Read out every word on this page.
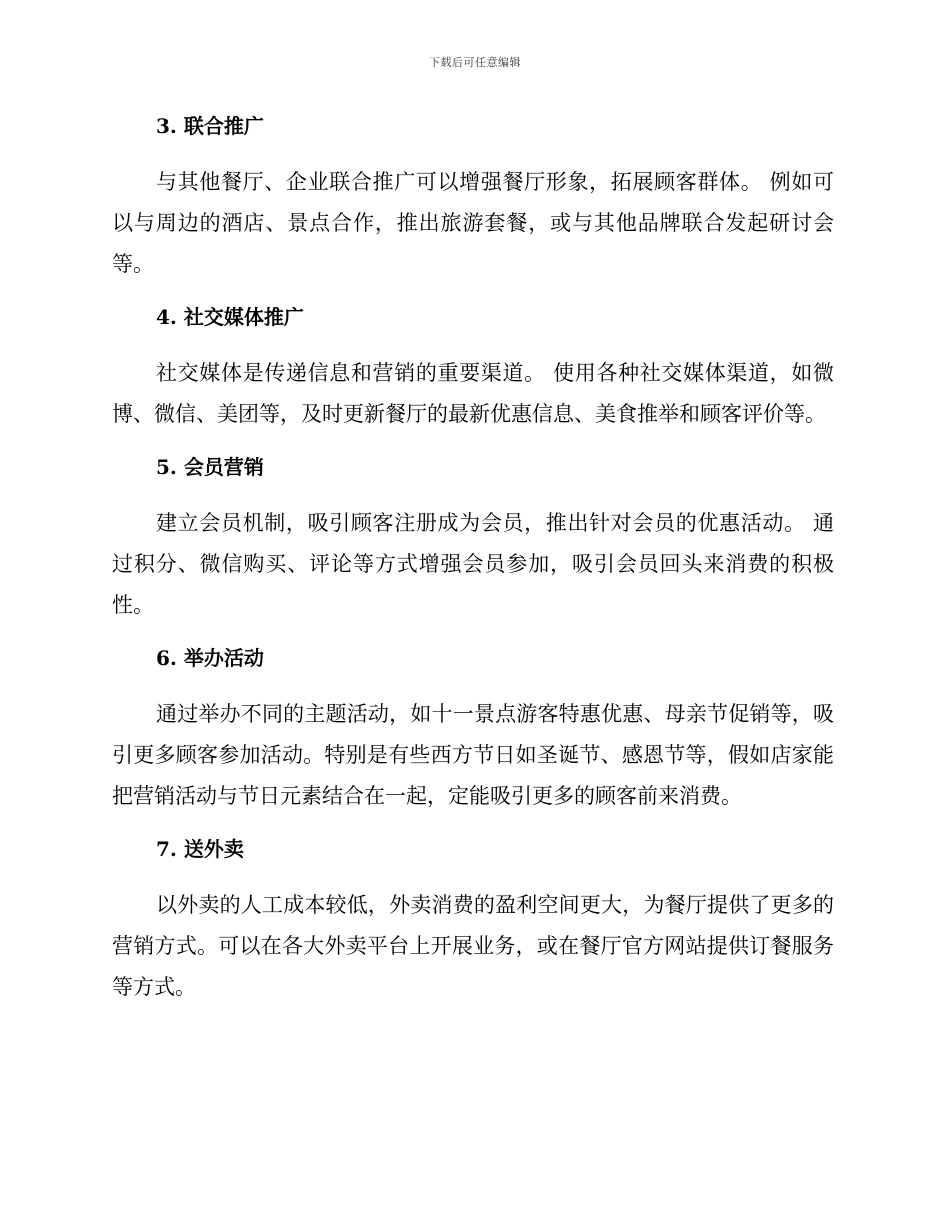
下载后可任意编辑
3. 联合推广

与其他餐厅、企业联合推广可以增强餐厅形象，拓展顾客群体。 例如可以与周边的酒店、景点合作，推出旅游套餐，或与其他品牌联合发起研讨会等。

4. 社交媒体推广

社交媒体是传递信息和营销的重要渠道。 使用各种社交媒体渠道，如微博、微信、美团等，及时更新餐厅的最新优惠信息、美食推举和顾客评价等。

5. 会员营销

建立会员机制，吸引顾客注册成为会员，推出针对会员的优惠活动。 通过积分、微信购买、评论等方式增强会员参加，吸引会员回头来消费的积极性。

6. 举办活动

通过举办不同的主题活动，如十一景点游客特惠优惠、母亲节促销等，吸引更多顾客参加活动。特别是有些西方节日如圣诞节、感恩节等，假如店家能把营销活动与节日元素结合在一起，定能吸引更多的顾客前来消费。

7. 送外卖

以外卖的人工成本较低，外卖消费的盈利空间更大，为餐厅提供了更多的营销方式。可以在各大外卖平台上开展业务，或在餐厅官方网站提供订餐服务等方式。
